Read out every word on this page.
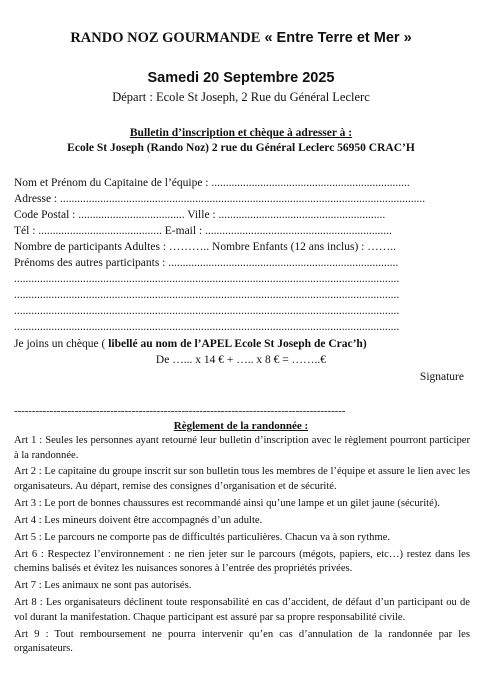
RANDO NOZ GOURMANDE « Entre Terre et Mer »
Samedi 20 Septembre 2025
Départ : Ecole St Joseph, 2 Rue du Général Leclerc
Bulletin d’inscription et chèque à adresser à :
Ecole St Joseph (Rando Noz) 2 rue du Général Leclerc 56950 CRAC’H
Nom et Prénom du Capitaine de l’équipe : .....................................................................
Adresse : ...............................................................................................................................
Code Postal : ..................................... Ville : ..........................................................
Tél : ........................................... E-mail : .................................................................
Nombre de participants Adultes : ……….. Nombre Enfants (12 ans inclus) : ……..
Prénoms des autres participants : ................................................................................
......................................................................................................................................
......................................................................................................................................
......................................................................................................................................
......................................................................................................................................
Je joins un chèque ( libellé au nom de l’APEL Ecole St Joseph de Crac’h)
De …... x 14 € + ….. x 8 € = ……..€
Signature
---------------------------------------------------------------------------------------------
Règlement de la randonnée :

Art 1 : Seules les personnes ayant retourné leur bulletin d’inscription avec le règlement pourront participer à la randonnée.

Art 2 : Le capitaine du groupe inscrit sur son bulletin tous les membres de l’équipe et assure le lien avec les organisateurs. Au départ, remise des consignes d’organisation et de sécurité.

Art 3 : Le port de bonnes chaussures est recommandé ainsi qu’une lampe et un gilet jaune (sécurité).

Art 4 : Les mineurs doivent être accompagnés d’un adulte.

Art 5 : Le parcours ne comporte pas de difficultés particulières. Chacun va à son rythme.

Art 6 : Respectez l’environnement : ne rien jeter sur le parcours (mégots, papiers, etc…) restez dans les chemins balisés et évitez les nuisances sonores à l’entrée des propriétés privées.

Art 7 : Les animaux ne sont pas autorisés.

Art 8 : Les organisateurs déclinent toute responsabilité en cas d’accident, de défaut d’un participant ou de vol durant la manifestation. Chaque participant est assuré par sa propre responsabilité civile.

Art 9 : Tout remboursement ne pourra intervenir qu’en cas d’annulation de la randonnée par les organisateurs.
